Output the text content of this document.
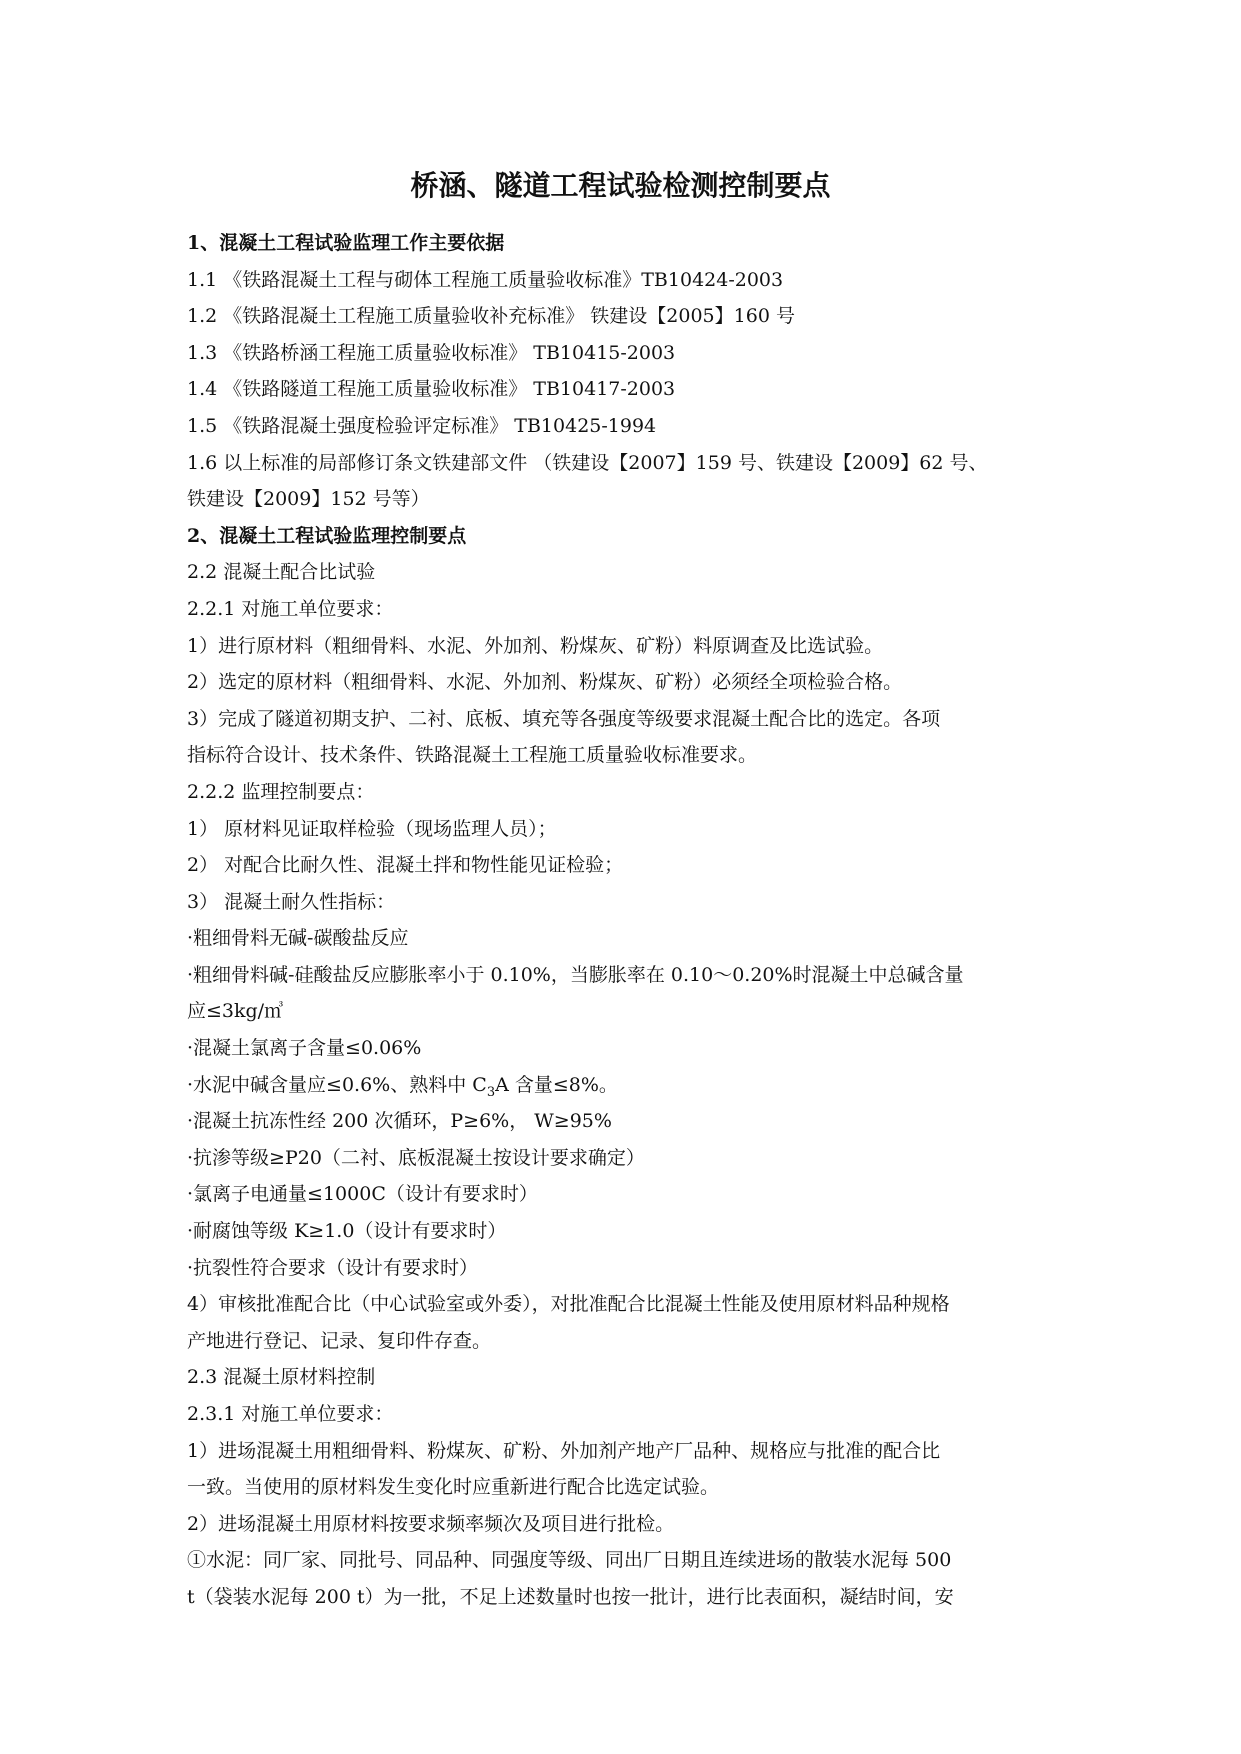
桥涵、隧道工程试验检测控制要点
1、混凝土工程试验监理工作主要依据
1.1 《铁路混凝土工程与砌体工程施工质量验收标准》TB10424-2003
1.2 《铁路混凝土工程施工质量验收补充标准》 铁建设【2005】160 号
1.3 《铁路桥涵工程施工质量验收标准》 TB10415-2003
1.4 《铁路隧道工程施工质量验收标准》 TB10417-2003
1.5 《铁路混凝土强度检验评定标准》 TB10425-1994
1.6 以上标准的局部修订条文铁建部文件 （铁建设【2007】159 号、铁建设【2009】62 号、
铁建设【2009】152 号等）
2、混凝土工程试验监理控制要点
2.2 混凝土配合比试验
2.2.1 对施工单位要求：
1）进行原材料（粗细骨料、水泥、外加剂、粉煤灰、矿粉）料原调查及比选试验。
2）选定的原材料（粗细骨料、水泥、外加剂、粉煤灰、矿粉）必须经全项检验合格。
3）完成了隧道初期支护、二衬、底板、填充等各强度等级要求混凝土配合比的选定。各项
指标符合设计、技术条件、铁路混凝土工程施工质量验收标准要求。
2.2.2 监理控制要点：
1） 原材料见证取样检验（现场监理人员）；
2） 对配合比耐久性、混凝土拌和物性能见证检验；
3） 混凝土耐久性指标：
·粗细骨料无碱-碳酸盐反应
·粗细骨料碱-硅酸盐反应膨胀率小于 0.10%，当膨胀率在 0.10～0.20%时混凝土中总碱含量
应≤3kg/㎥
·混凝土氯离子含量≤0.06%
·水泥中碱含量应≤0.6%、熟料中 $C_3A$ 含量≤8%。
·混凝土抗冻性经 200 次循环，P≥6%， W≥95%
·抗渗等级≥P20（二衬、底板混凝土按设计要求确定）
·氯离子电通量≤1000C（设计有要求时）
·耐腐蚀等级 K≥1.0（设计有要求时）
·抗裂性符合要求（设计有要求时）
4）审核批准配合比（中心试验室或外委），对批准配合比混凝土性能及使用原材料品种规格
产地进行登记、记录、复印件存查。
2.3 混凝土原材料控制
2.3.1 对施工单位要求：
1）进场混凝土用粗细骨料、粉煤灰、矿粉、外加剂产地产厂品种、规格应与批准的配合比
一致。当使用的原材料发生变化时应重新进行配合比选定试验。
2）进场混凝土用原材料按要求频率频次及项目进行批检。
①水泥：同厂家、同批号、同品种、同强度等级、同出厂日期且连续进场的散装水泥每 500
t（袋装水泥每 200 t）为一批，不足上述数量时也按一批计，进行比表面积，凝结时间，安
